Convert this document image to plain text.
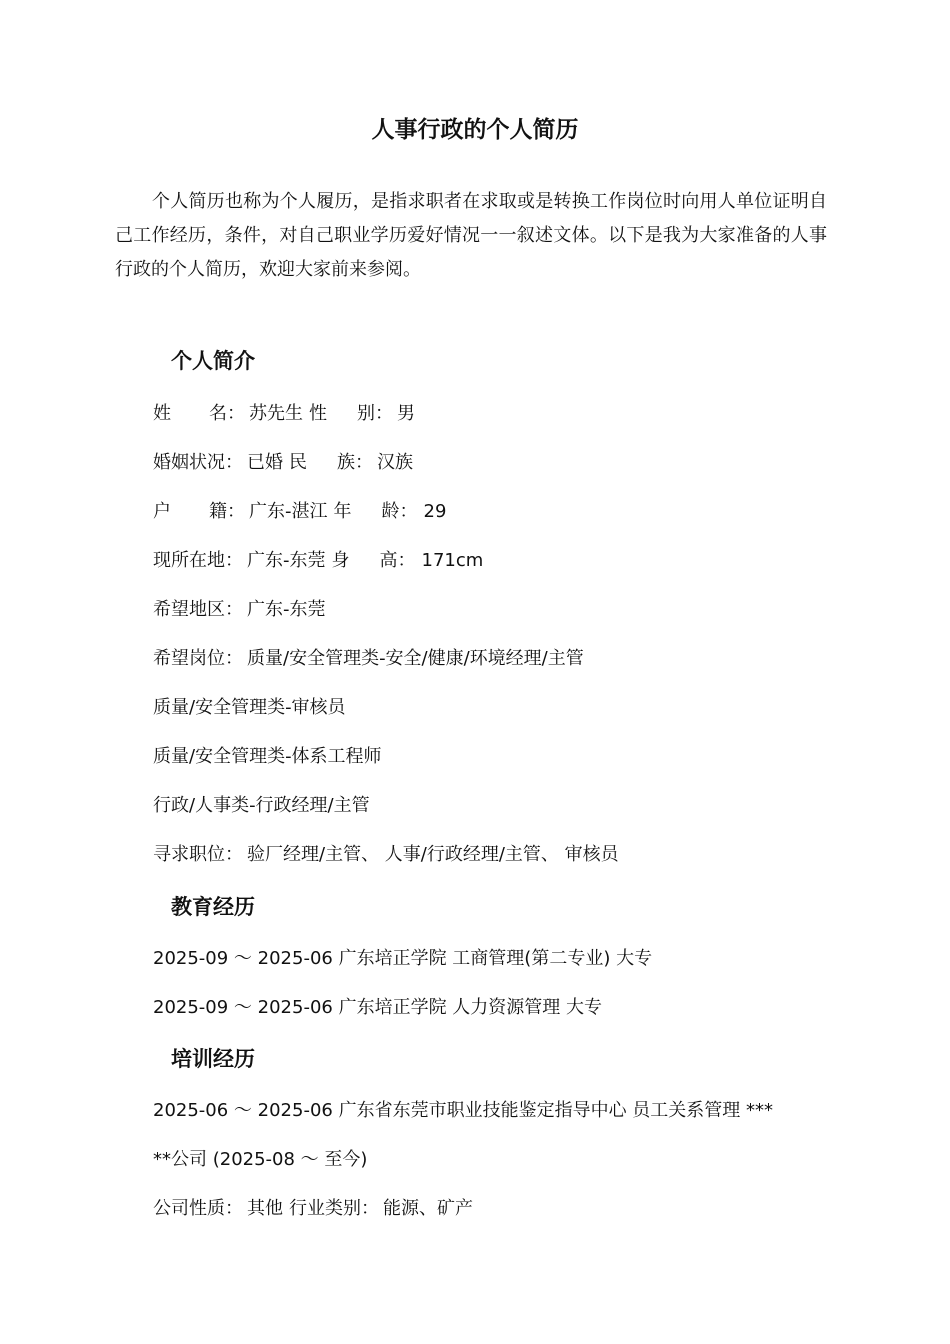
人事行政的个人简历
个人简历也称为个人履历，是指求职者在求取或是转换工作岗位时向用人单位证明自己工作经历，条件，对自己职业学历爱好情况一一叙述文体。以下是我为大家准备的人事行政的个人简历，欢迎大家前来参阅。
个人简介
姓 名： 苏先生 性 别： 男
婚姻状况： 已婚 民 族： 汉族
户 籍： 广东-湛江 年 龄： 29
现所在地： 广东-东莞 身 高： 171cm
希望地区： 广东-东莞
希望岗位： 质量/安全管理类-安全/健康/环境经理/主管
质量/安全管理类-审核员
质量/安全管理类-体系工程师
行政/人事类-行政经理/主管
寻求职位： 验厂经理/主管、 人事/行政经理/主管、 审核员
教育经历
2025-09 ～ 2025-06 广东培正学院 工商管理(第二专业) 大专
2025-09 ～ 2025-06 广东培正学院 人力资源管理 大专
培训经历
2025-06 ～ 2025-06 广东省东莞市职业技能鉴定指导中心 员工关系管理 ***
**公司 (2025-08 ～ 至今)
公司性质： 其他 行业类别： 能源、矿产
